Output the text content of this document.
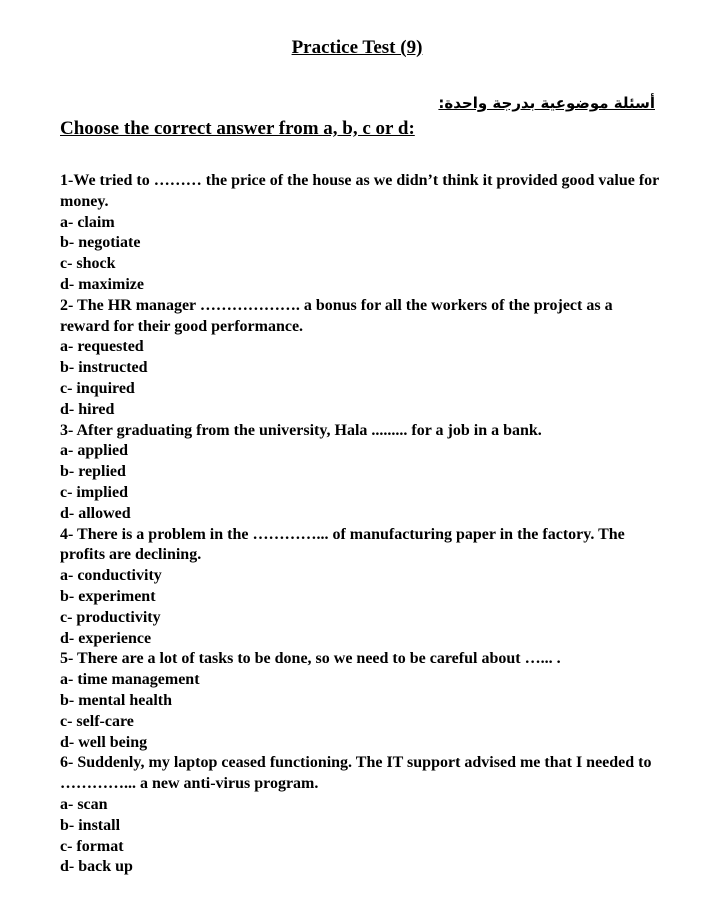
Practice Test (9)
أسئلة موضوعية بدرجة واحدة:
Choose the correct answer from a, b, c or d:

1-We tried to ……… the price of the house as we didn’t think it provided good value for money.

a- claim

b- negotiate

c- shock

d- maximize

2- The HR manager ………………. a bonus for all the workers of the project as a reward for their good performance.

a- requested

b- instructed

c- inquired

d- hired

3- After graduating from the university, Hala ......... for a job in a bank.

a- applied

b- replied

c- implied

d- allowed

4- There is a problem in the …………... of manufacturing paper in the factory. The profits are declining.

a- conductivity

b- experiment

c- productivity

d- experience

5- There are a lot of tasks to be done, so we need to be careful about …... .

a- time management

b- mental health

c- self-care

d- well being

6- Suddenly, my laptop ceased functioning. The IT support advised me that I needed to …………... a new anti-virus program.

a- scan

b- install

c- format

d- back up
